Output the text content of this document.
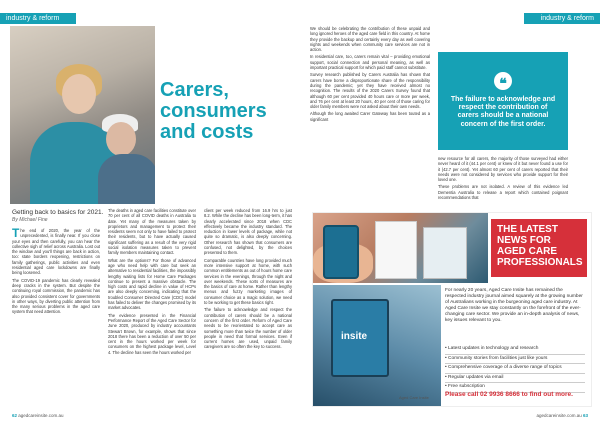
industry & reform
Carers, consumers and costs
Getting back to basics for 2021.
By Michael Fine

The end of 2020, the year of the unprecedented, is finally near. If you close your eyes and then carefully, you can hear the collective sigh of relief across Australia. Lost out the window and you'll things are back in action, too: state borders reopening, restrictions on family gatherings, public activities and even residential aged care lockdowns are finally being loosened.

The COVID-19 pandemic has clearly revealed deep cracks in the system. But despite the continuing royal commission, the pandemic has also provided consistent cover for governments in other ways, by diverting public attention from the many serious problems in the aged care system that need attention.

The deaths in aged care facilities constitute over 70 per cent of all COVID deaths in Australia to date. Yet many of the measures taken by proprietors and management to protect their residents seem not only to have failed to protect their residents, but to have actually caused significant suffering as a result of the very rigid social isolation measures taken to prevent family members maintaining contact.

What are the options? For those of advanced age who need help with care but seek an alternative to residential facilities, the impossibly lengthy waiting lists for Home Care Packages continue to present a massive obstacle. The high costs and rapid decline in value of HCPs are also deeply concerning, indicating that the troubled Consumer Directed Care (CDC) model has failed to deliver the changes promised by its market advocates.

The evidence presented in the Financial Performance Report of the Aged Care Sector for June 2020, produced by industry accountants Stewart Brown, for example, shows that since 2018 there has been a reduction of over 50 per cent in the hours worked per week for consumers on the highest package level, Level 4. The decline has seen the hours worked per

client per week reduced from 16.9 hrs to just 8.2. While the decline has been long-term, it has clearly accelerated since 2018 when CDC effectively became the industry standard. The reduction in lower levels of package, while not quite so dramatic, is also deeply concerning. Other research has shown that consumers are confused, not delighted, by the choices presented to them.

Comparable countries have long provided much more intensive support at home, with such common entitlements as out of hours home care services in the evenings, through the night and over weekends. These sorts of measures are the basics of care at home. Rather than lengthy menus and fuzzy marketing images of consumer choice as a magic solution, we need to be working to get these basics right.

The failure to acknowledge and respect the contribution of carers should be a national concern of the first order. Reform of Aged Care needs to be reorientated to accept care as something more than twice the number of older people in need that formal services. Even if current homes are used, unpaid family caregivers are so often the key to success.

62 agedcareinsite.com.au
industry & reform

We should be celebrating the contribution of these unpaid and long ignored heroes of the aged care field in this country. At home they provide the backup and certainly every day as well covering nights and weekends when community care services are not in action.

In residential care, too, carers remain vital – providing emotional support, social connection and personal meaning, as well as important practical support for which paid staff cannot substitute.

Survey research published by Carers Australia has shown that carers have borne a disproportionate share of the responsibility during the pandemic; yet they have received almost no recognition. The results of the 2020 Carers Survey found that although 60 per cent provided 40 hours care or more per week, and 76 per cent at least 20 hours, 40 per cent of those caring for older family members were not asked about their own needs.

Although the long awaited Carer Gateway has been touted as a significant

❝
The failure to acknowledge and respect the contribution of carers should be a national concern of the first order.

new resource for all carers, the majority of those surveyed had either never heard of it (44.1 per cent) or knew of it but never found a use for it (42.7 per cent). Yet almost 60 per cent of carers reported that their needs were not considered by services who provide support for their loved one.

These problems are not isolated. A review of this evidence led Dementia Australia to release a report which contained poignant recommendations that

THE LATEST NEWS FOR AGED CARE PROFESSIONALS
insite
For nearly 20 years, Aged Care Insite has remained the respected industry journal aimed squarely at the growing number of Australians working in the burgeoning aged care industry. At Aged Care Insite we stay constantly on the forefront of the ever-changing care sector. We provide an in-depth analysis of news, key issues relevant to you.
• Latest updates in technology and research
• Community stories from facilities just like yours
• Comprehensive coverage of a diverse range of topics
• Regular updates via email
• Free subscription
Please call 02 9936 8666 to find out more.
Aged Care Insite
agedcareinsite.com.au 63
